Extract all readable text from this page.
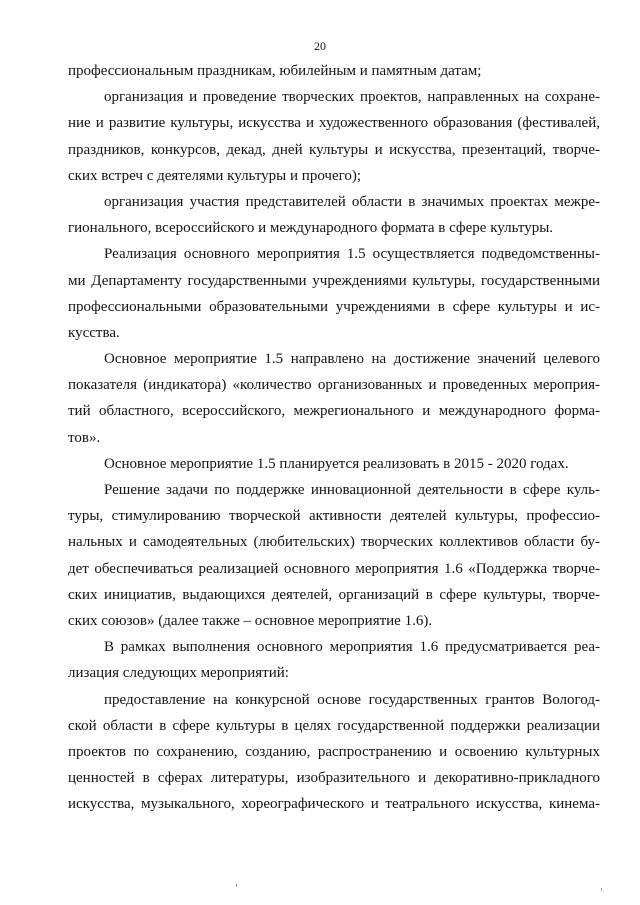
20
профессиональным праздникам, юбилейным и памятным датам;
организация и проведение творческих проектов, направленных на сохране-
ние и развитие культуры, искусства и художественного образования (фестивалей,
праздников, конкурсов, декад, дней культуры и искусства, презентаций, творче-
ских встреч с деятелями культуры и прочего);
организация участия представителей области в значимых проектах межре-
гионального, всероссийского и международного формата в сфере культуры.
Реализация основного мероприятия 1.5 осуществляется подведомственны-
ми Департаменту государственными учреждениями культуры, государственными
профессиональными образовательными учреждениями в сфере культуры и ис-
кусства.
Основное мероприятие 1.5 направлено на достижение значений целевого
показателя (индикатора) «количество организованных и проведенных мероприя-
тий областного, всероссийского, межрегионального и международного форма-
тов».
Основное мероприятие 1.5 планируется реализовать в 2015 - 2020 годах.
Решение задачи по поддержке инновационной деятельности в сфере куль-
туры, стимулированию творческой активности деятелей культуры, профессио-
нальных и самодеятельных (любительских) творческих коллективов области бу-
дет обеспечиваться реализацией основного мероприятия 1.6 «Поддержка творче-
ских инициатив, выдающихся деятелей, организаций в сфере культуры, творче-
ских союзов» (далее также – основное мероприятие 1.6).
В рамках выполнения основного мероприятия 1.6 предусматривается реа-
лизация следующих мероприятий:
предоставление на конкурсной основе государственных грантов Вологод-
ской области в сфере культуры в целях государственной поддержки реализации
проектов по сохранению, созданию, распространению и освоению культурных
ценностей в сферах литературы, изобразительного и декоративно-прикладного
искусства, музыкального, хореографического и театрального искусства, кинема-
